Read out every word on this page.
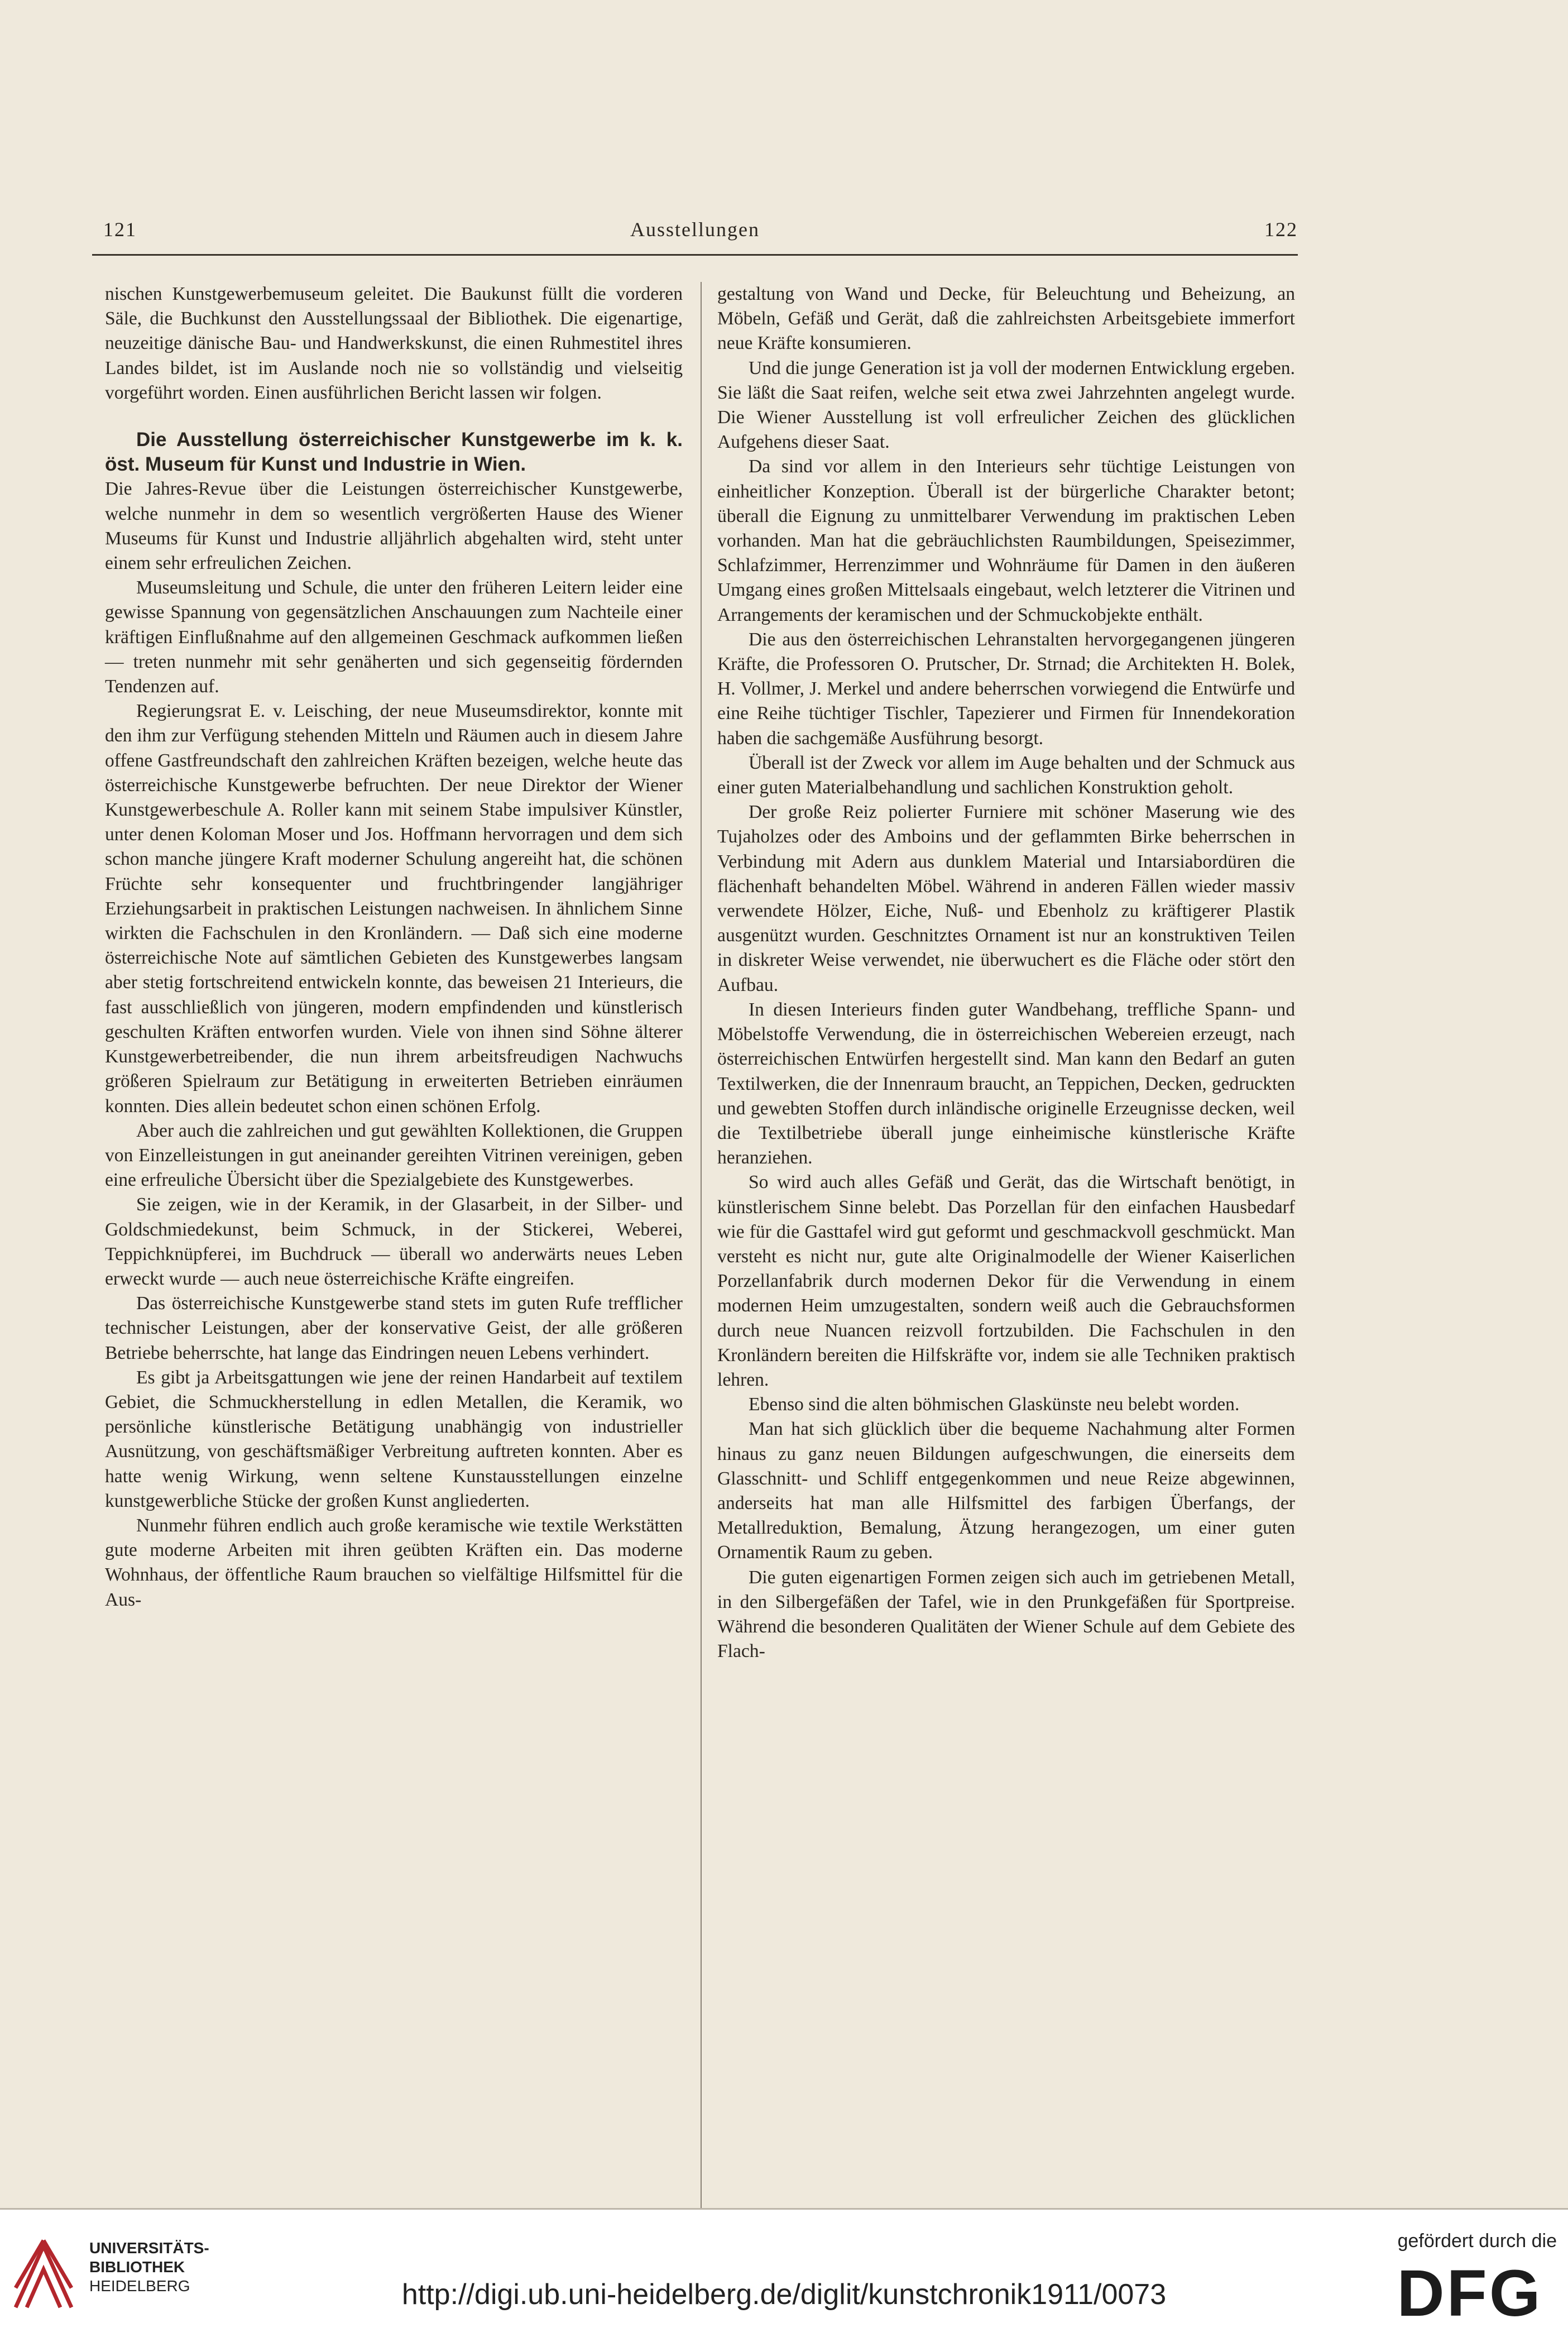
121	Ausstellungen	122

nischen Kunstgewerbemuseum geleitet. Die Baukunst füllt die vorderen Säle, die Buchkunst den Ausstellungssaal der Bibliothek. Die eigenartige, neuzeitige dänische Bau- und Handwerkskunst, die einen Ruhmestitel ihres Landes bildet, ist im Auslande noch nie so vollständig und vielseitig vorgeführt worden. Einen ausführlichen Bericht lassen wir folgen.

Die Ausstellung österreichischer Kunstgewerbe im k. k. öst. Museum für Kunst und Industrie in Wien.

Die Jahres-Revue über die Leistungen österreichischer Kunstgewerbe, welche nunmehr in dem so wesentlich vergrößerten Hause des Wiener Museums für Kunst und Industrie alljährlich abgehalten wird, steht unter einem sehr erfreulichen Zeichen.

Museumsleitung und Schule, die unter den früheren Leitern leider eine gewisse Spannung von gegensätzlichen Anschauungen zum Nachteile einer kräftigen Einflußnahme auf den allgemeinen Geschmack aufkommen ließen — treten nunmehr mit sehr genäherten und sich gegenseitig fördernden Tendenzen auf.

Regierungsrat E. v. Leisching, der neue Museumsdirektor, konnte mit den ihm zur Verfügung stehenden Mitteln und Räumen auch in diesem Jahre offene Gastfreundschaft den zahlreichen Kräften bezeigen, welche heute das österreichische Kunstgewerbe befruchten. Der neue Direktor der Wiener Kunstgewerbeschule A. Roller kann mit seinem Stabe impulsiver Künstler, unter denen Koloman Moser und Jos. Hoffmann hervorragen und dem sich schon manche jüngere Kraft moderner Schulung angereiht hat, die schönen Früchte sehr konsequenter und fruchtbringender langjähriger Erziehungsarbeit in praktischen Leistungen nachweisen. In ähnlichem Sinne wirkten die Fachschulen in den Kronländern. — Daß sich eine moderne österreichische Note auf sämtlichen Gebieten des Kunstgewerbes langsam aber stetig fortschreitend entwickeln konnte, das beweisen 21 Interieurs, die fast ausschließlich von jüngeren, modern empfindenden und künstlerisch geschulten Kräften entworfen wurden. Viele von ihnen sind Söhne älterer Kunstgewerbetreibender, die nun ihrem arbeitsfreudigen Nachwuchs größeren Spielraum zur Betätigung in erweiterten Betrieben einräumen konnten. Dies allein bedeutet schon einen schönen Erfolg.

Aber auch die zahlreichen und gut gewählten Kollektionen, die Gruppen von Einzelleistungen in gut aneinander gereihten Vitrinen vereinigen, geben eine erfreuliche Übersicht über die Spezialgebiete des Kunstgewerbes.

Sie zeigen, wie in der Keramik, in der Glasarbeit, in der Silber- und Goldschmiedekunst, beim Schmuck, in der Stickerei, Weberei, Teppichknüpferei, im Buchdruck — überall wo anderwärts neues Leben erweckt wurde — auch neue österreichische Kräfte eingreifen.

Das österreichische Kunstgewerbe stand stets im guten Rufe trefflicher technischer Leistungen, aber der konservative Geist, der alle größeren Betriebe beherrschte, hat lange das Eindringen neuen Lebens verhindert.

Es gibt ja Arbeitsgattungen wie jene der reinen Handarbeit auf textilem Gebiet, die Schmuckherstellung in edlen Metallen, die Keramik, wo persönliche künstlerische Betätigung unabhängig von industrieller Ausnützung, von geschäftsmäßiger Verbreitung auftreten konnten. Aber es hatte wenig Wirkung, wenn seltene Kunstausstellungen einzelne kunstgewerbliche Stücke der großen Kunst angliederten.

Nunmehr führen endlich auch große keramische wie textile Werkstätten gute moderne Arbeiten mit ihren geübten Kräften ein. Das moderne Wohnhaus, der öffentliche Raum brauchen so vielfältige Hilfsmittel für die Aus-

gestaltung von Wand und Decke, für Beleuchtung und Beheizung, an Möbeln, Gefäß und Gerät, daß die zahlreichsten Arbeitsgebiete immerfort neue Kräfte konsumieren.

Und die junge Generation ist ja voll der modernen Entwicklung ergeben. Sie läßt die Saat reifen, welche seit etwa zwei Jahrzehnten angelegt wurde. Die Wiener Ausstellung ist voll erfreulicher Zeichen des glücklichen Aufgehens dieser Saat.

Da sind vor allem in den Interieurs sehr tüchtige Leistungen von einheitlicher Konzeption. Überall ist der bürgerliche Charakter betont; überall die Eignung zu unmittelbarer Verwendung im praktischen Leben vorhanden. Man hat die gebräuchlichsten Raumbildungen, Speisezimmer, Schlafzimmer, Herrenzimmer und Wohnräume für Damen in den äußeren Umgang eines großen Mittelsaals eingebaut, welch letzterer die Vitrinen und Arrangements der keramischen und der Schmuckobjekte enthält.

Die aus den österreichischen Lehranstalten hervorgegangenen jüngeren Kräfte, die Professoren O. Prutscher, Dr. Strnad; die Architekten H. Bolek, H. Vollmer, J. Merkel und andere beherrschen vorwiegend die Entwürfe und eine Reihe tüchtiger Tischler, Tapezierer und Firmen für Innendekoration haben die sachgemäße Ausführung besorgt.

Überall ist der Zweck vor allem im Auge behalten und der Schmuck aus einer guten Materialbehandlung und sachlichen Konstruktion geholt.

Der große Reiz polierter Furniere mit schöner Maserung wie des Tujaholzes oder des Amboins und der geflammten Birke beherrschen in Verbindung mit Adern aus dunklem Material und Intarsiabordüren die flächenhaft behandelten Möbel. Während in anderen Fällen wieder massiv verwendete Hölzer, Eiche, Nuß- und Ebenholz zu kräftigerer Plastik ausgenützt wurden. Geschnitztes Ornament ist nur an konstruktiven Teilen in diskreter Weise verwendet, nie überwuchert es die Fläche oder stört den Aufbau.

In diesen Interieurs finden guter Wandbehang, treffliche Spann- und Möbelstoffe Verwendung, die in österreichischen Webereien erzeugt, nach österreichischen Entwürfen hergestellt sind. Man kann den Bedarf an guten Textilwerken, die der Innenraum braucht, an Teppichen, Decken, gedruckten und gewebten Stoffen durch inländische originelle Erzeugnisse decken, weil die Textilbetriebe überall junge einheimische künstlerische Kräfte heranziehen.

So wird auch alles Gefäß und Gerät, das die Wirtschaft benötigt, in künstlerischem Sinne belebt. Das Porzellan für den einfachen Hausbedarf wie für die Gasttafel wird gut geformt und geschmackvoll geschmückt. Man versteht es nicht nur, gute alte Originalmodelle der Wiener Kaiserlichen Porzellanfabrik durch modernen Dekor für die Verwendung in einem modernen Heim umzugestalten, sondern weiß auch die Gebrauchsformen durch neue Nuancen reizvoll fortzubilden. Die Fachschulen in den Kronländern bereiten die Hilfskräfte vor, indem sie alle Techniken praktisch lehren.

Ebenso sind die alten böhmischen Glaskünste neu belebt worden.

Man hat sich glücklich über die bequeme Nachahmung alter Formen hinaus zu ganz neuen Bildungen aufgeschwungen, die einerseits dem Glasschnitt- und Schliff entgegenkommen und neue Reize abgewinnen, anderseits hat man alle Hilfsmittel des farbigen Überfangs, der Metallreduktion, Bemalung, Ätzung herangezogen, um einer guten Ornamentik Raum zu geben.

Die guten eigenartigen Formen zeigen sich auch im getriebenen Metall, in den Silbergefäßen der Tafel, wie in den Prunkgefäßen für Sportpreise. Während die besonderen Qualitäten der Wiener Schule auf dem Gebiete des Flach-

UNIVERSITÄTS-
BIBLIOTHEK
HEIDELBERG	http://digi.ub.uni-heidelberg.de/diglit/kunstchronik1911/0073
gefördert durch die
DFG
